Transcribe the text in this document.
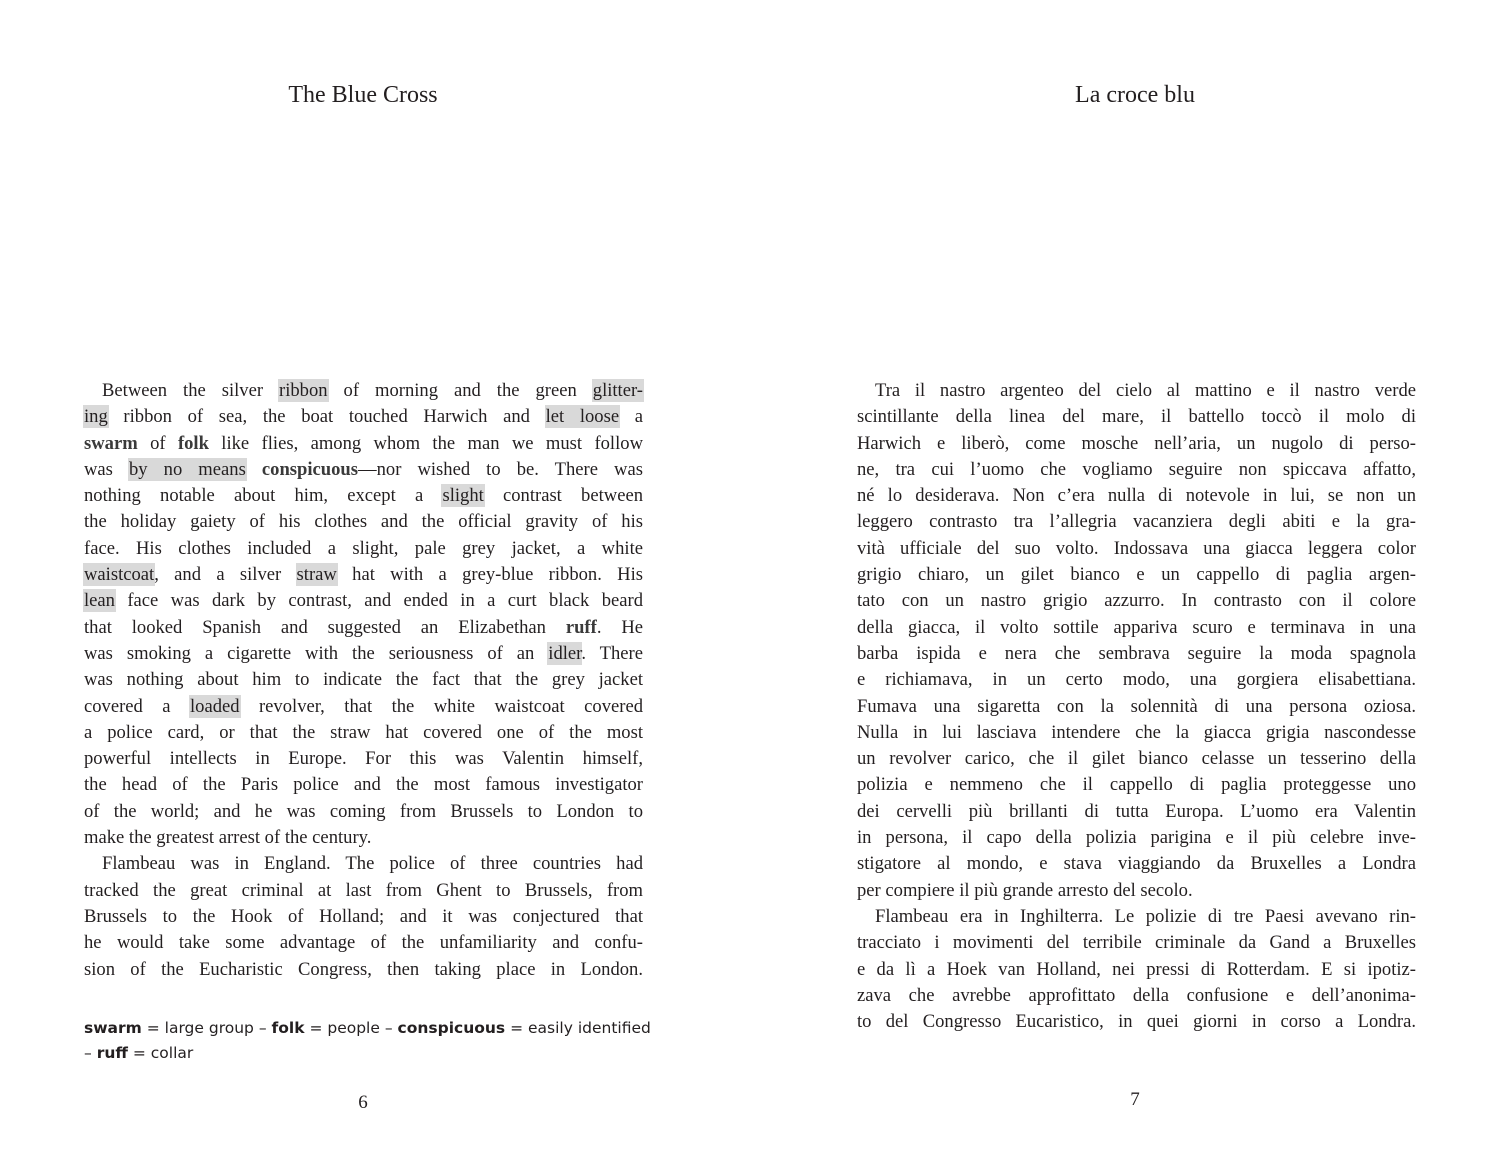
The Blue Cross	La croce blu
Between the silver ribbon of morning and the green glitter-
ing ribbon of sea, the boat touched Harwich and let loose a
swarm of folk like flies, among whom the man we must follow
was by no means conspicuous—nor wished to be. There was
nothing notable about him, except a slight contrast between
the holiday gaiety of his clothes and the official gravity of his
face. His clothes included a slight, pale grey jacket, a white
waistcoat, and a silver straw hat with a grey-blue ribbon. His
lean face was dark by contrast, and ended in a curt black beard
that looked Spanish and suggested an Elizabethan ruff. He
was smoking a cigarette with the seriousness of an idler. There
was nothing about him to indicate the fact that the grey jacket
covered a loaded revolver, that the white waistcoat covered
a police card, or that the straw hat covered one of the most
powerful intellects in Europe. For this was Valentin himself,
the head of the Paris police and the most famous investigator
of the world; and he was coming from Brussels to London to
make the greatest arrest of the century.
Flambeau was in England. The police of three countries had
tracked the great criminal at last from Ghent to Brussels, from
Brussels to the Hook of Holland; and it was conjectured that
he would take some advantage of the unfamiliarity and confu-
sion of the Eucharistic Congress, then taking place in London.
Tra il nastro argenteo del cielo al mattino e il nastro verde
scintillante della linea del mare, il battello toccò il molo di
Harwich e liberò, come mosche nell’aria, un nugolo di perso-
ne, tra cui l’uomo che vogliamo seguire non spiccava affatto,
né lo desiderava. Non c’era nulla di notevole in lui, se non un
leggero contrasto tra l’allegria vacanziera degli abiti e la gra-
vità ufficiale del suo volto. Indossava una giacca leggera color
grigio chiaro, un gilet bianco e un cappello di paglia argen-
tato con un nastro grigio azzurro. In contrasto con il colore
della giacca, il volto sottile appariva scuro e terminava in una
barba ispida e nera che sembrava seguire la moda spagnola
e richiamava, in un certo modo, una gorgiera elisabettiana.
Fumava una sigaretta con la solennità di una persona oziosa.
Nulla in lui lasciava intendere che la giacca grigia nascondesse
un revolver carico, che il gilet bianco celasse un tesserino della
polizia e nemmeno che il cappello di paglia proteggesse uno
dei cervelli più brillanti di tutta Europa. L’uomo era Valentin
in persona, il capo della polizia parigina e il più celebre inve-
stigatore al mondo, e stava viaggiando da Bruxelles a Londra
per compiere il più grande arresto del secolo.
Flambeau era in Inghilterra. Le polizie di tre Paesi avevano rin-
tracciato i movimenti del terribile criminale da Gand a Bruxelles
e da lì a Hoek van Holland, nei pressi di Rotterdam. E si ipotiz-
zava che avrebbe approfittato della confusione e dell’anonima-
to del Congresso Eucaristico, in quei giorni in corso a Londra.
swarm = large group – folk = people – conspicuous = easily identified
– ruff = collar
6	7
